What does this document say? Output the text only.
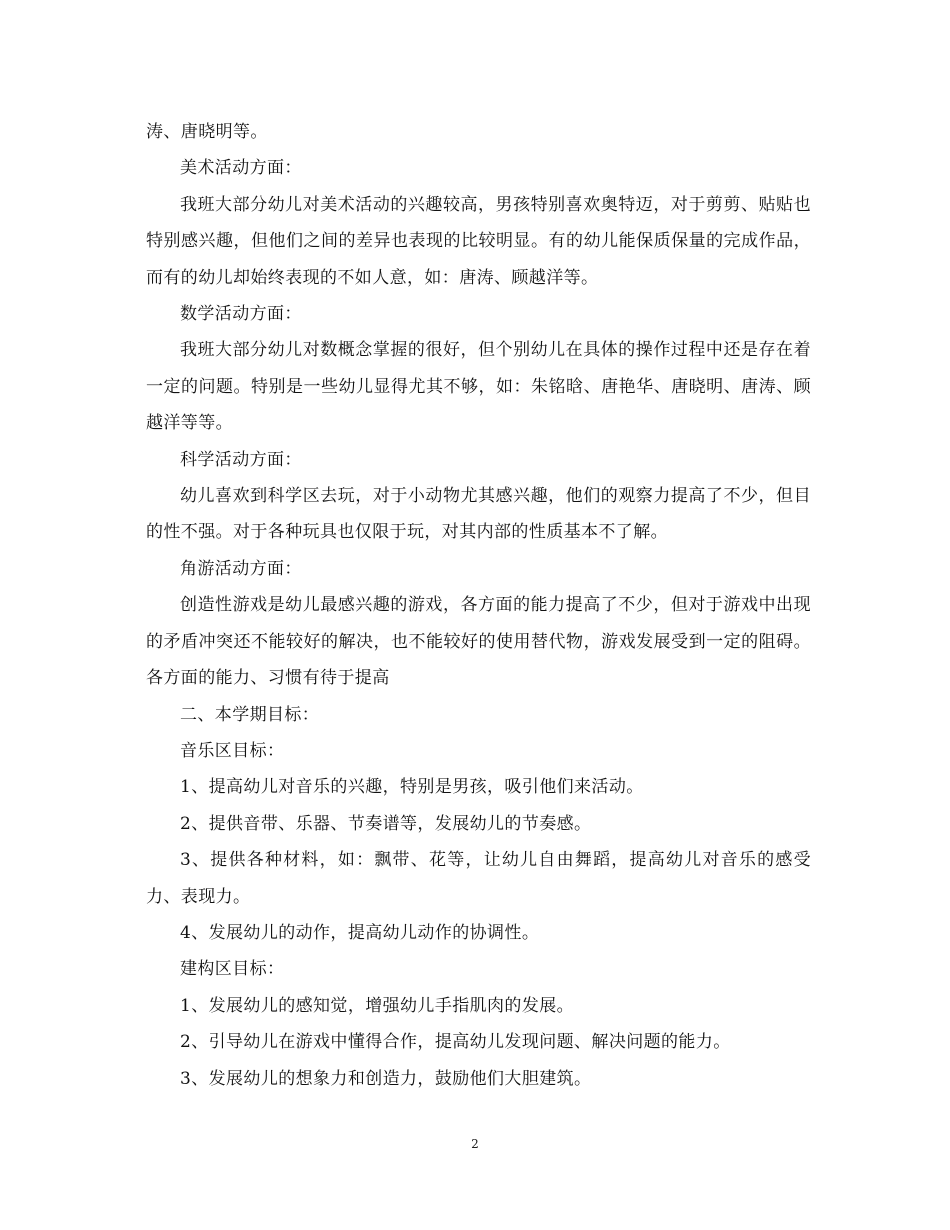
涛、唐晓明等。

美术活动方面：

我班大部分幼儿对美术活动的兴趣较高，男孩特别喜欢奥特迈，对于剪剪、贴贴也特别感兴趣，但他们之间的差异也表现的比较明显。有的幼儿能保质保量的完成作品，而有的幼儿却始终表现的不如人意，如：唐涛、顾越洋等。

数学活动方面：

我班大部分幼儿对数概念掌握的很好，但个别幼儿在具体的操作过程中还是存在着一定的问题。特别是一些幼儿显得尤其不够，如：朱铭晗、唐艳华、唐晓明、唐涛、顾越洋等等。

科学活动方面：

幼儿喜欢到科学区去玩，对于小动物尤其感兴趣，他们的观察力提高了不少，但目的性不强。对于各种玩具也仅限于玩，对其内部的性质基本不了解。

角游活动方面：

创造性游戏是幼儿最感兴趣的游戏，各方面的能力提高了不少，但对于游戏中出现的矛盾冲突还不能较好的解决，也不能较好的使用替代物，游戏发展受到一定的阻碍。各方面的能力、习惯有待于提高

二、本学期目标：

音乐区目标：

1、提高幼儿对音乐的兴趣，特别是男孩，吸引他们来活动。

2、提供音带、乐器、节奏谱等，发展幼儿的节奏感。

3、提供各种材料，如：飘带、花等，让幼儿自由舞蹈，提高幼儿对音乐的感受力、表现力。

4、发展幼儿的动作，提高幼儿动作的协调性。

建构区目标：

1、发展幼儿的感知觉，增强幼儿手指肌肉的发展。

2、引导幼儿在游戏中懂得合作，提高幼儿发现问题、解决问题的能力。

3、发展幼儿的想象力和创造力，鼓励他们大胆建筑。

2
